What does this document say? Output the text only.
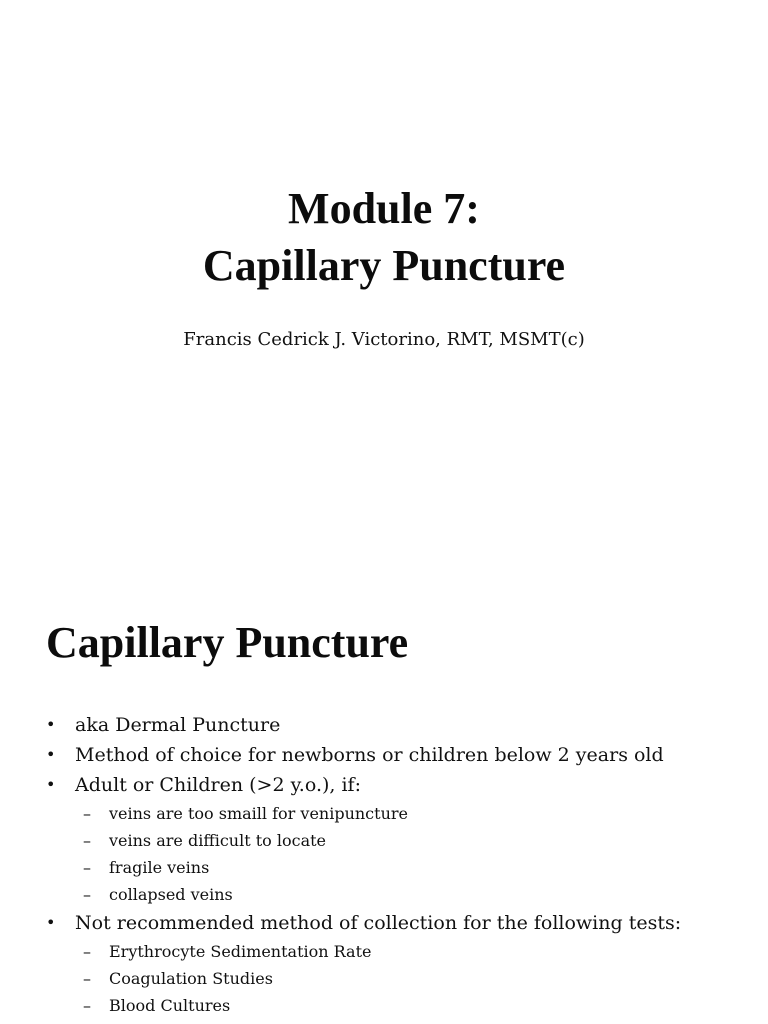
Module 7:
Capillary Puncture
Francis Cedrick J. Victorino, RMT, MSMT(c)
Capillary Puncture
• aka Dermal Puncture
• Method of choice for newborns or children below 2 years old
• Adult or Children (>2 y.o.), if:
–	veins are too smaill for venipuncture
–	veins are difficult to locate
–	fragile veins
–	collapsed veins
• Not recommended method of collection for the following tests:
–	Erythrocyte Sedimentation Rate
–	Coagulation Studies
–	Blood Cultures
